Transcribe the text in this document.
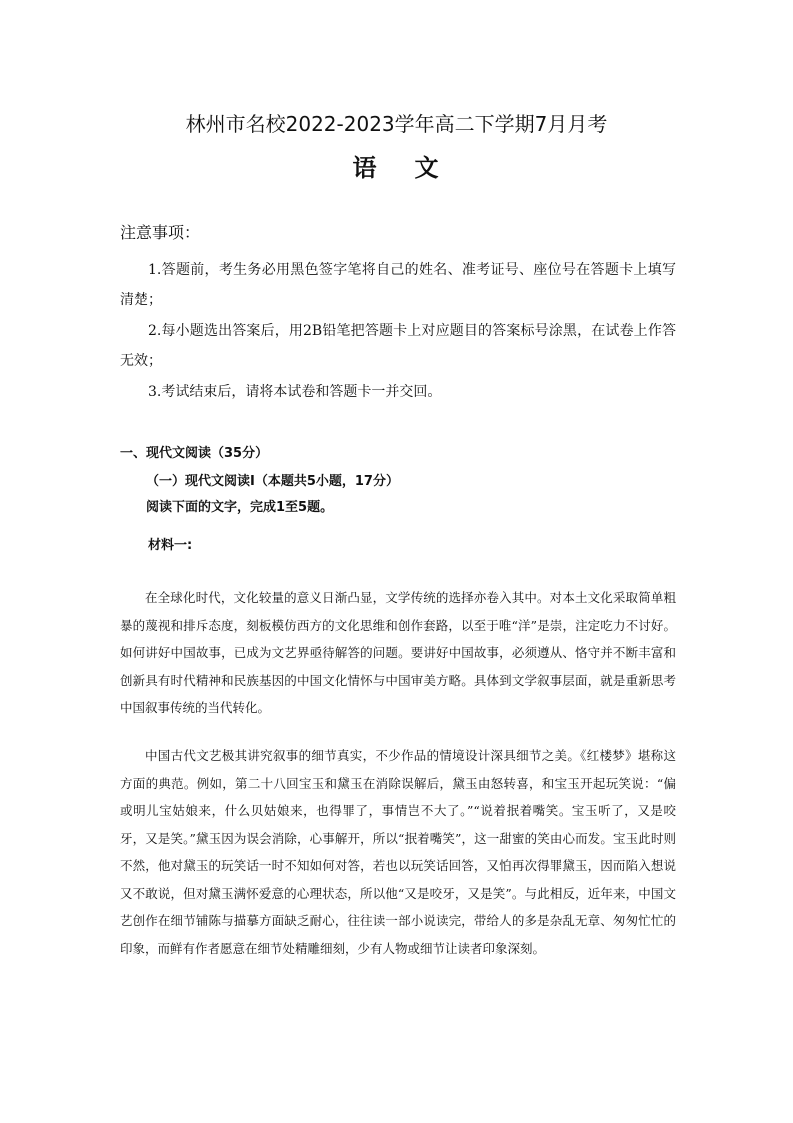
林州市名校2022-2023学年高二下学期7月月考
语 文
注意事项：
1.答题前，考生务必用黑色签字笔将自己的姓名、准考证号、座位号在答题卡上填写清楚；
2.每小题选出答案后，用2B铅笔把答题卡上对应题目的答案标号涂黑，在试卷上作答无效；
3.考试结束后，请将本试卷和答题卡一并交回。
一、现代文阅读（35分）
（一）现代文阅读Ⅰ（本题共5小题，17分）
阅读下面的文字，完成1至5题。
材料一:
在全球化时代，文化较量的意义日渐凸显，文学传统的选择亦卷入其中。对本土文化采取简单粗暴的蔑视和排斥态度，刻板模仿西方的文化思维和创作套路，以至于唯“洋”是崇，注定吃力不讨好。如何讲好中国故事，已成为文艺界亟待解答的问题。要讲好中国故事，必须遵从、恪守并不断丰富和创新具有时代精神和民族基因的中国文化情怀与中国审美方略。具体到文学叙事层面，就是重新思考中国叙事传统的当代转化。
中国古代文艺极其讲究叙事的细节真实，不少作品的情境设计深具细节之美。《红楼梦》堪称这方面的典范。例如，第二十八回宝玉和黛玉在消除误解后，黛玉由怒转喜，和宝玉开起玩笑说：“偏或明儿宝姑娘来，什么贝姑娘来，也得罪了，事情岂不大了。”“说着抿着嘴笑。宝玉听了，又是咬牙，又是笑。”黛玉因为误会消除，心事解开，所以“抿着嘴笑”，这一甜蜜的笑由心而发。宝玉此时则不然，他对黛玉的玩笑话一时不知如何对答，若也以玩笑话回答，又怕再次得罪黛玉，因而陷入想说又不敢说，但对黛玉满怀爱意的心理状态，所以他“又是咬牙，又是笑”。与此相反，近年来，中国文艺创作在细节铺陈与描摹方面缺乏耐心，往往读一部小说读完，带给人的多是杂乱无章、匆匆忙忙的印象，而鲜有作者愿意在细节处精雕细刻，少有人物或细节让读者印象深刻。
